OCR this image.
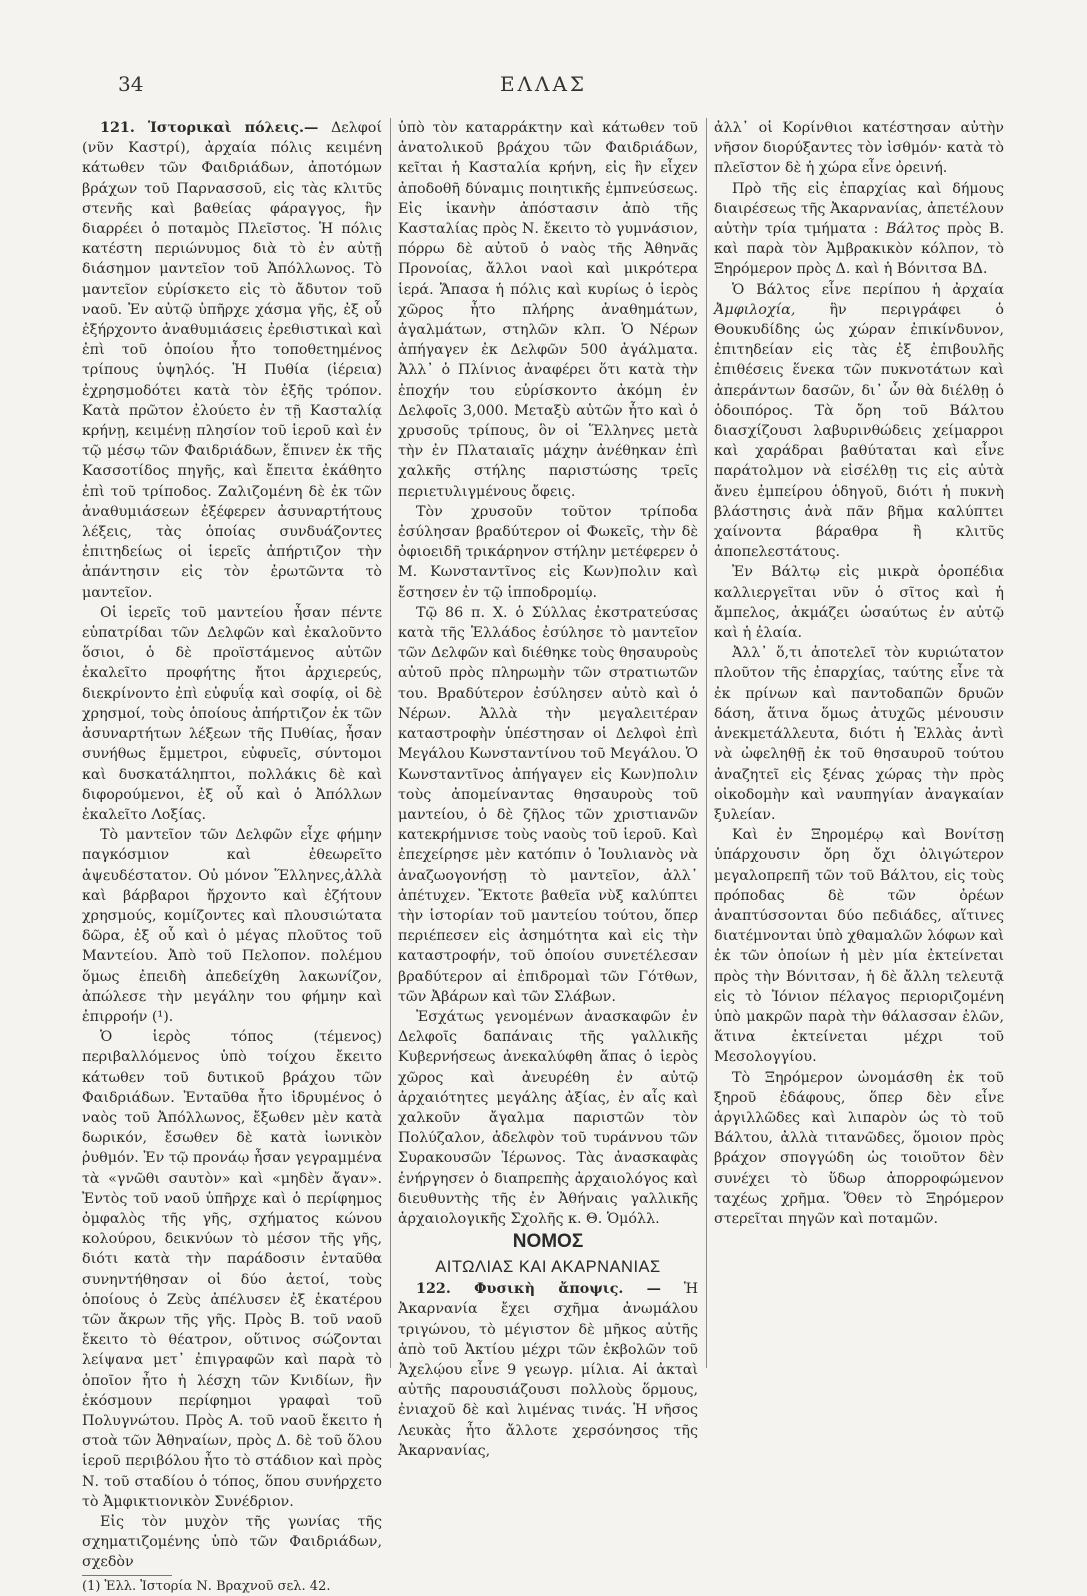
34	ΕΛΛΑΣ

121. Ἱστορικαὶ πόλεις.— Δελφοί (νῦν Καστρί), ἀρχαία πόλις κειμένη κάτωθεν τῶν Φαιδριάδων, ἀποτόμων βράχων τοῦ Παρνασσοῦ, εἰς τὰς κλιτῦς στενῆς καὶ βαθείας φάραγγος, ἣν διαρρέει ὁ ποταμὸς Πλεῖστος. Ἡ πόλις κατέστη περιώνυμος διὰ τὸ ἐν αὐτῇ διάσημον μαντεῖον τοῦ Ἀπόλλωνος. Τὸ μαντεῖον εὑρίσκετο εἰς τὸ ἄδυτον τοῦ ναοῦ. Ἐν αὐτῷ ὑπῆρχε χάσμα γῆς, ἐξ οὗ ἐξήρχοντο ἀναθυμιάσεις ἐρεθιστικαὶ καὶ ἐπὶ τοῦ ὁποίου ἦτο τοποθετημένος τρίπους ὑψηλός. Ἡ Πυθία (ἱέρεια) ἐχρησμοδότει κατὰ τὸν ἑξῆς τρόπον. Κατὰ πρῶτον ἐλούετο ἐν τῇ Κασταλίᾳ κρήνῃ, κειμένῃ πλησίον τοῦ ἱεροῦ καὶ ἐν τῷ μέσῳ τῶν Φαιδριάδων, ἔπινεν ἐκ τῆς Κασσοτίδος πηγῆς, καὶ ἔπειτα ἐκάθητο ἐπὶ τοῦ τρίποδος. Ζαλιζομένη δὲ ἐκ τῶν ἀναθυμιάσεων ἐξέφερεν ἀσυναρτήτους λέξεις, τὰς ὁποίας συνδυάζοντες ἐπιτηδείως οἱ ἱερεῖς ἀπήρτιζον τὴν ἀπάντησιν εἰς τὸν ἐρωτῶντα τὸ μαντεῖον.

Οἱ ἱερεῖς τοῦ μαντείου ἦσαν πέντε εὐπατρίδαι τῶν Δελφῶν καὶ ἐκαλοῦντο ὅσιοι, ὁ δὲ προϊστάμενος αὐτῶν ἐκαλεῖτο προφήτης ἤτοι ἀρχιερεύς, διεκρίνοντο ἐπὶ εὐφυΐᾳ καὶ σοφίᾳ, οἱ δὲ χρησμοί, τοὺς ὁποίους ἀπήρτιζον ἐκ τῶν ἀσυναρτήτων λέξεων τῆς Πυθίας, ἦσαν συνήθως ἔμμετροι, εὐφυεῖς, σύντομοι καὶ δυσκατάληπτοι, πολλάκις δὲ καὶ διφορούμενοι, ἐξ οὗ καὶ ὁ Ἀπόλλων ἐκαλεῖτο Λοξίας.

Τὸ μαντεῖον τῶν Δελφῶν εἶχε φήμην παγκόσμιον καὶ ἐθεωρεῖτο ἀψευδέστατον. Οὐ μόνον Ἕλληνες,ἀλλὰ καὶ βάρβαροι ἤρχοντο καὶ ἐζήτουν χρησμούς, κομίζοντες καὶ πλουσιώτατα δῶρα, ἐξ οὗ καὶ ὁ μέγας πλοῦτος τοῦ Μαντείου. Ἀπὸ τοῦ Πελοπον. πολέμου ὅμως ἐπειδὴ ἀπεδείχθη λακωνίζον, ἀπώλεσε τὴν μεγάλην του φήμην καὶ ἐπιρροήν (¹).

Ὁ ἱερὸς τόπος (τέμενος) περιβαλλόμενος ὑπὸ τοίχου ἔκειτο κάτωθεν τοῦ δυτικοῦ βράχου τῶν Φαιδριάδων. Ἐνταῦθα ἦτο ἱδρυμένος ὁ ναὸς τοῦ Ἀπόλλωνος, ἔξωθεν μὲν κατὰ δωρικόν, ἔσωθεν δὲ κατὰ ἰωνικὸν ῥυθμόν. Ἐν τῷ προνάῳ ἦσαν γεγραμμένα τὰ «γνῶθι σαυτὸν» καὶ «μηδὲν ἄγαν». Ἐντὸς τοῦ ναοῦ ὑπῆρχε καὶ ὁ περίφημος ὀμφαλὸς τῆς γῆς, σχήματος κώνου κολούρου, δεικνύων τὸ μέσον τῆς γῆς, διότι κατὰ τὴν παράδοσιν ἐνταῦθα συνηντήθησαν οἱ δύο ἀετοί, τοὺς ὁποίους ὁ Ζεὺς ἀπέλυσεν ἐξ ἑκατέρου τῶν ἄκρων τῆς γῆς. Πρὸς Β. τοῦ ναοῦ ἔκειτο τὸ θέατρον, οὕτινος σώζονται λείψανα μετ᾽ ἐπιγραφῶν καὶ παρὰ τὸ ὁποῖον ἦτο ἡ λέσχη τῶν Κνιδίων, ἣν ἐκόσμουν περίφημοι γραφαὶ τοῦ Πολυγνώτου. Πρὸς Α. τοῦ ναοῦ ἔκειτο ἡ στοὰ τῶν Ἀθηναίων, πρὸς Δ. δὲ τοῦ ὅλου ἱεροῦ περιβόλου ἦτο τὸ στάδιον καὶ πρὸς Ν. τοῦ σταδίου ὁ τόπος, ὅπου συνήρχετο τὸ Ἀμφικτιονικὸν Συνέδριον.

Εἰς τὸν μυχὸν τῆς γωνίας τῆς σχηματιζομένης ὑπὸ τῶν Φαιδριάδων, σχεδὸν

(1) Ἑλλ. Ἱστορία Ν. Βραχνοῦ σελ. 42.

ὑπὸ τὸν καταρράκτην καὶ κάτωθεν τοῦ ἀνατολικοῦ βράχου τῶν Φαιδριάδων, κεῖται ἡ Κασταλία κρήνη, εἰς ἣν εἶχεν ἀποδοθῆ δύναμις ποιητικῆς ἐμπνεύσεως. Εἰς ἱκανὴν ἀπόστασιν ἀπὸ τῆς Κασταλίας πρὸς Ν. ἔκειτο τὸ γυμνάσιον, πόρρω δὲ αὐτοῦ ὁ ναὸς τῆς Ἀθηνᾶς Προνοίας, ἄλλοι ναοὶ καὶ μικρότερα ἱερά. Ἅπασα ἡ πόλις καὶ κυρίως ὁ ἱερὸς χῶρος ἦτο πλήρης ἀναθημάτων, ἀγαλμάτων, στηλῶν κλπ. Ὁ Νέρων ἀπήγαγεν ἐκ Δελφῶν 500 ἀγάλματα. Ἀλλ᾽ ὁ Πλίνιος ἀναφέρει ὅτι κατὰ τὴν ἐποχήν του εὑρίσκοντο ἀκόμη ἐν Δελφοῖς 3,000. Μεταξὺ αὐτῶν ἦτο καὶ ὁ χρυσοῦς τρίπους, ὃν οἱ Ἕλληνες μετὰ τὴν ἐν Πλαταιαῖς μάχην ἀνέθηκαν ἐπὶ χαλκῆς στήλης παριστώσης τρεῖς περιετυλιγμένους ὄφεις.

Τὸν χρυσοῦν τοῦτον τρίποδα ἐσύλησαν βραδύτερον οἱ Φωκεῖς, τὴν δὲ ὀφιοειδῆ τρικάρηνον στήλην μετέφερεν ὁ Μ. Κωνσταντῖνος εἰς Κων)πολιν καὶ ἔστησεν ἐν τῷ ἱπποδρομίῳ.

Τῷ 86 π. Χ. ὁ Σύλλας ἐκστρατεύσας κατὰ τῆς Ἑλλάδος ἐσύλησε τὸ μαντεῖον τῶν Δελφῶν καὶ διέθηκε τοὺς θησαυροὺς αὐτοῦ πρὸς πληρωμὴν τῶν στρατιωτῶν του. Βραδύτερον ἐσύλησεν αὐτὸ καὶ ὁ Νέρων. Ἀλλὰ τὴν μεγαλειτέραν καταστροφὴν ὑπέστησαν οἱ Δελφοὶ ἐπὶ Μεγάλου Κωνσταντίνου τοῦ Μεγάλου. Ὁ Κωνσταντῖνος ἀπήγαγεν εἰς Κων)πολιν τοὺς ἀπομείναντας θησαυροὺς τοῦ μαντείου, ὁ δὲ ζῆλος τῶν χριστιανῶν κατεκρήμνισε τοὺς ναοὺς τοῦ ἱεροῦ. Καὶ ἐπεχείρησε μὲν κατόπιν ὁ Ἰουλιανὸς νὰ ἀναζωογονήσῃ τὸ μαντεῖον, ἀλλ᾽ ἀπέτυχεν. Ἔκτοτε βαθεῖα νὺξ καλύπτει τὴν ἱστορίαν τοῦ μαντείου τούτου, ὅπερ περιέπεσεν εἰς ἀσημότητα καὶ εἰς τὴν καταστροφήν, τοῦ ὁποίου συνετέλεσαν βραδύτερον αἱ ἐπιδρομαὶ τῶν Γότθων, τῶν Ἀβάρων καὶ τῶν Σλάβων.

Ἐσχάτως γενομένων ἀνασκαφῶν ἐν Δελφοῖς δαπάναις τῆς γαλλικῆς Κυβερνήσεως ἀνεκαλύφθη ἅπας ὁ ἱερὸς χῶρος καὶ ἀνευρέθη ἐν αὐτῷ ἀρχαιότητες μεγάλης ἀξίας, ἐν αἷς καὶ χαλκοῦν ἄγαλμα παριστῶν τὸν Πολύζαλον, ἀδελφὸν τοῦ τυράννου τῶν Συρακουσῶν Ἱέρωνος. Τὰς ἀνασκαφὰς ἐνήργησεν ὁ διαπρεπὴς ἀρχαιολόγος καὶ διευθυντὴς τῆς ἐν Ἀθήναις γαλλικῆς ἀρχαιολογικῆς Σχολῆς κ. Θ. Ὁμόλλ.

ΝΟΜΟΣ

ΑΙΤΩΛΙΑΣ ΚΑΙ ΑΚΑΡΝΑΝΙΑΣ

122. Φυσικὴ ἄποψις. — Ἡ Ἀκαρνανία ἔχει σχῆμα ἀνωμάλου τριγώνου, τὸ μέγιστον δὲ μῆκος αὐτῆς ἀπὸ τοῦ Ἀκτίου μέχρι τῶν ἐκβολῶν τοῦ Ἀχελῴου εἶνε 9 γεωγρ. μίλια. Αἱ ἀκταὶ αὐτῆς παρουσιάζουσι πολλοὺς ὅρμους, ἐνιαχοῦ δὲ καὶ λιμένας τινάς. Ἡ νῆσος Λευκὰς ἦτο ἄλλοτε χερσόνησος τῆς Ἀκαρνανίας,

ἀλλ᾽ οἱ Κορίνθιοι κατέστησαν αὐτὴν νῆσον διορύξαντες τὸν ἰσθμόν· κατὰ τὸ πλεῖστον δὲ ἡ χώρα εἶνε ὀρεινή.

Πρὸ τῆς εἰς ἐπαρχίας καὶ δήμους διαιρέσεως τῆς Ἀκαρνανίας, ἀπετέλουν αὐτὴν τρία τμήματα : Βάλτος πρὸς Β. καὶ παρὰ τὸν Ἀμβρακικὸν κόλπον, τὸ Ξηρόμερον πρὸς Δ. καὶ ἡ Βόνιτσα ΒΔ.

Ὁ Βάλτος εἶνε περίπου ἡ ἀρχαία Ἀμφιλοχία, ἣν περιγράφει ὁ Θουκυδίδης ὡς χώραν ἐπικίνδυνον, ἐπιτηδείαν εἰς τὰς ἐξ ἐπιβουλῆς ἐπιθέσεις ἕνεκα τῶν πυκνοτάτων καὶ ἀπεράντων δασῶν, δι᾽ ὧν θὰ διέλθῃ ὁ ὁδοιπόρος. Τὰ ὄρη τοῦ Βάλτου διασχίζουσι λαβυρινθώδεις χείμαρροι καὶ χαράδραι βαθύταται καὶ εἶνε παράτολμον νὰ εἰσέλθῃ τις εἰς αὐτὰ ἄνευ ἐμπείρου ὁδηγοῦ, διότι ἡ πυκνὴ βλάστησις ἀνὰ πᾶν βῆμα καλύπτει χαίνοντα βάραθρα ἢ κλιτῦς ἀποπελεστάτους.

Ἐν Βάλτῳ εἰς μικρὰ ὀροπέδια καλλιεργεῖται νῦν ὁ σῖτος καὶ ἡ ἄμπελος, ἀκμάζει ὡσαύτως ἐν αὐτῷ καὶ ἡ ἐλαία.

Ἀλλ᾽ ὅ,τι ἀποτελεῖ τὸν κυριώτατον πλοῦτον τῆς ἐπαρχίας, ταύτης εἶνε τὰ ἐκ πρίνων καὶ παντοδαπῶν δρυῶν δάση, ἅτινα ὅμως ἀτυχῶς μένουσιν ἀνεκμετάλλευτα, διότι ἡ Ἑλλὰς ἀντὶ νὰ ὠφεληθῇ ἐκ τοῦ θησαυροῦ τούτου ἀναζητεῖ εἰς ξένας χώρας τὴν πρὸς οἰκοδομὴν καὶ ναυπηγίαν ἀναγκαίαν ξυλείαν.

Καὶ ἐν Ξηρομέρῳ καὶ Βονίτσῃ ὑπάρχουσιν ὄρη ὄχι ὀλιγώτερον μεγαλοπρεπῆ τῶν τοῦ Βάλτου, εἰς τοὺς πρόποδας δὲ τῶν ὀρέων ἀναπτύσσονται δύο πεδιάδες, αἵτινες διατέμνονται ὑπὸ χθαμαλῶν λόφων καὶ ἐκ τῶν ὁποίων ἡ μὲν μία ἐκτείνεται πρὸς τὴν Βόνιτσαν, ἡ δὲ ἄλλη τελευτᾷ εἰς τὸ Ἰόνιον πέλαγος περιοριζομένη ὑπὸ μακρῶν παρὰ τὴν θάλασσαν ἑλῶν, ἅτινα ἐκτείνεται μέχρι τοῦ Μεσολογγίου.

Τὸ Ξηρόμερον ὠνομάσθη ἐκ τοῦ ξηροῦ ἐδάφους, ὅπερ δὲν εἶνε ἀργιλλῶδες καὶ λιπαρὸν ὡς τὸ τοῦ Βάλτου, ἀλλὰ τιτανῶδες, ὅμοιον πρὸς βράχον σπογγώδη ὡς τοιοῦτον δὲν συνέχει τὸ ὕδωρ ἀπορροφώμενον ταχέως χρῆμα. Ὅθεν τὸ Ξηρόμερον στερεῖται πηγῶν καὶ ποταμῶν.
